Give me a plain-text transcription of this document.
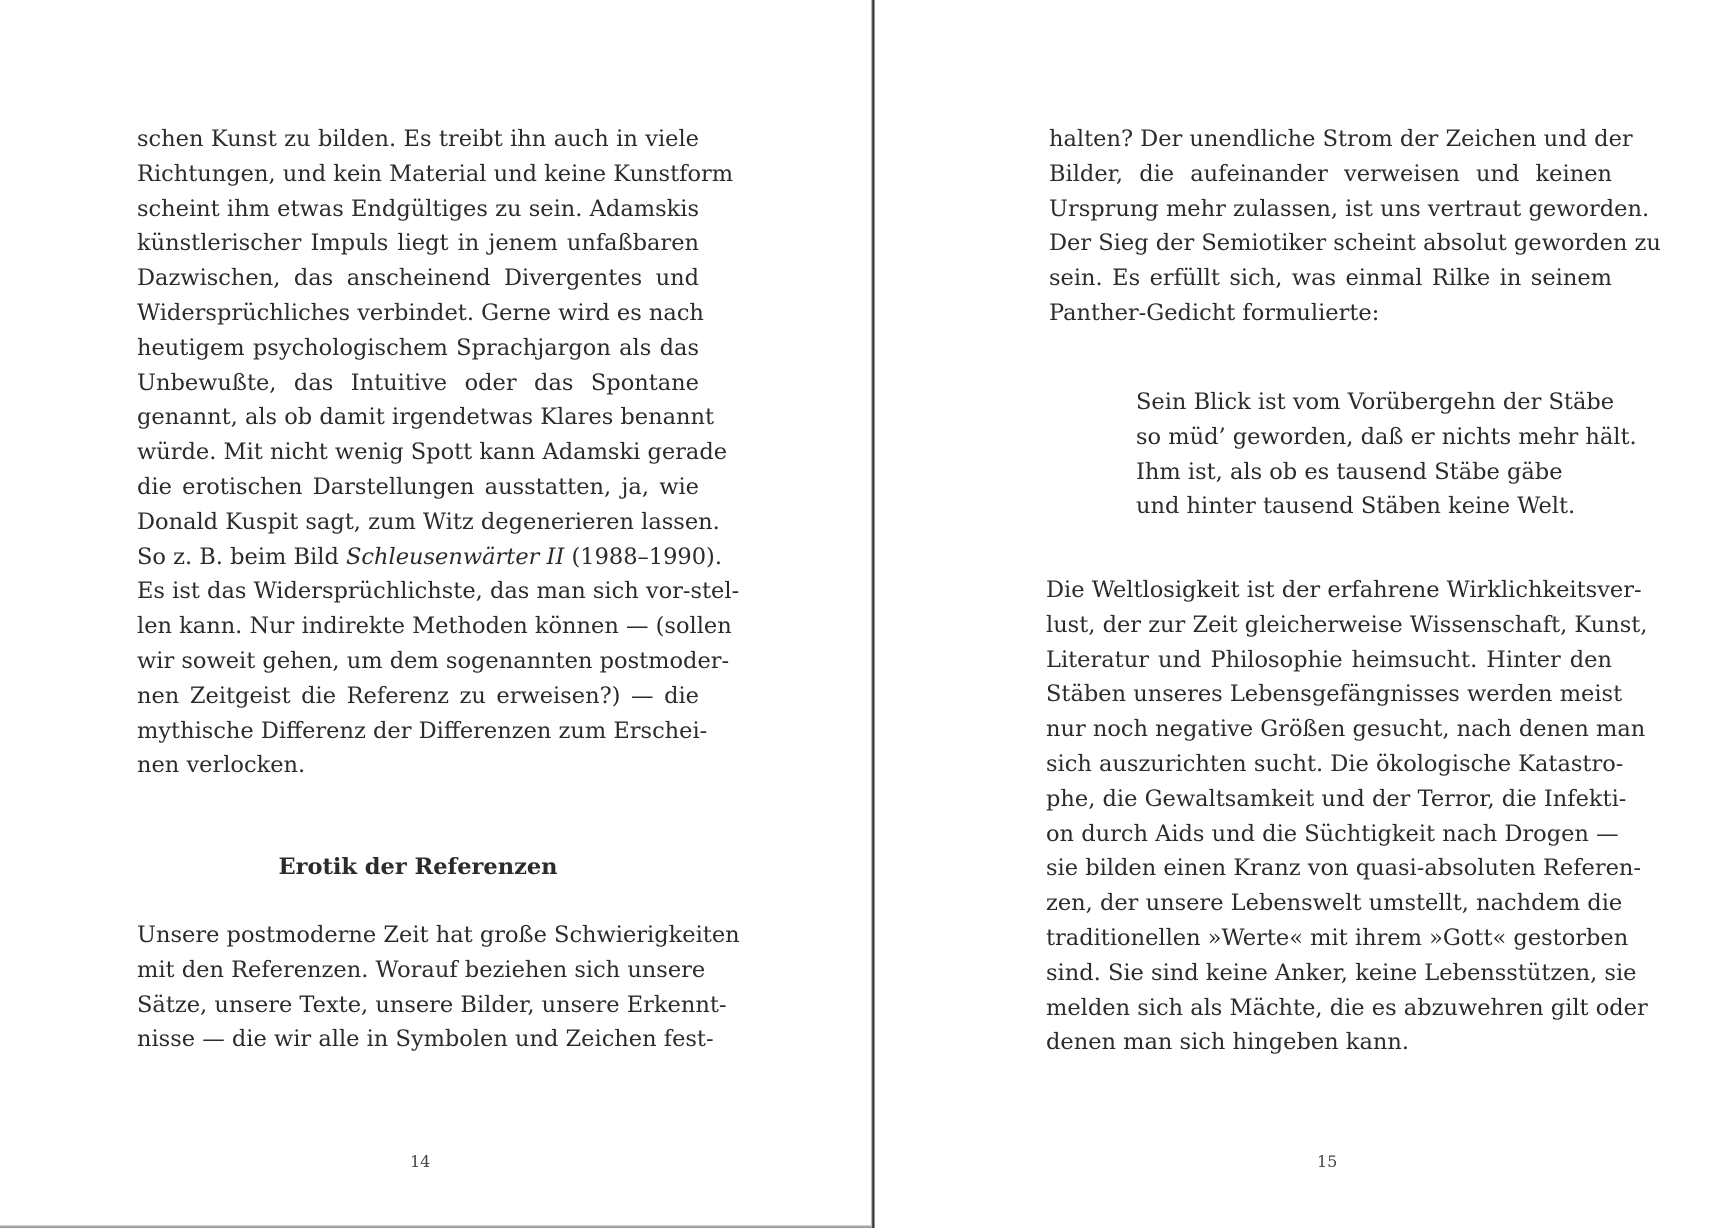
schen Kunst zu bilden. Es treibt ihn auch in viele
Richtungen, und kein Material und keine Kunstform
scheint ihm etwas Endgültiges zu sein. Adamskis
künstlerischer Impuls liegt in jenem unfaßbaren
Dazwischen, das anscheinend Divergentes und
Widersprüchliches verbindet. Gerne wird es nach
heutigem psychologischem Sprachjargon als das
Unbewußte, das Intuitive oder das Spontane
genannt, als ob damit irgendetwas Klares benannt
würde. Mit nicht wenig Spott kann Adamski gerade
die erotischen Darstellungen ausstatten, ja, wie
Donald Kuspit sagt, zum Witz degenerieren lassen.
So z. B. beim Bild Schleusenwärter II (1988–1990).
Es ist das Widersprüchlichste, das man sich vor-stel-
len kann. Nur indirekte Methoden können — (sollen
wir soweit gehen, um dem sogenannten postmoder-
nen Zeitgeist die Referenz zu erweisen?) — die
mythische Differenz der Differenzen zum Erschei-
nen verlocken.
Erotik der Referenzen
Unsere postmoderne Zeit hat große Schwierigkeiten
mit den Referenzen. Worauf beziehen sich unsere
Sätze, unsere Texte, unsere Bilder, unsere Erkennt-
nisse — die wir alle in Symbolen und Zeichen fest-
14
halten? Der unendliche Strom der Zeichen und der
Bilder, die aufeinander verweisen und keinen
Ursprung mehr zulassen, ist uns vertraut geworden.
Der Sieg der Semiotiker scheint absolut geworden zu
sein. Es erfüllt sich, was einmal Rilke in seinem
Panther-Gedicht formulierte:
Sein Blick ist vom Vorübergehn der Stäbe
so müd’ geworden, daß er nichts mehr hält.
Ihm ist, als ob es tausend Stäbe gäbe
und hinter tausend Stäben keine Welt.
Die Weltlosigkeit ist der erfahrene Wirklichkeitsver-
lust, der zur Zeit gleicherweise Wissenschaft, Kunst,
Literatur und Philosophie heimsucht. Hinter den
Stäben unseres Lebensgefängnisses werden meist
nur noch negative Größen gesucht, nach denen man
sich auszurichten sucht. Die ökologische Katastro-
phe, die Gewaltsamkeit und der Terror, die Infekti-
on durch Aids und die Süchtigkeit nach Drogen —
sie bilden einen Kranz von quasi-absoluten Referen-
zen, der unsere Lebenswelt umstellt, nachdem die
traditionellen »Werte« mit ihrem »Gott« gestorben
sind. Sie sind keine Anker, keine Lebensstützen, sie
melden sich als Mächte, die es abzuwehren gilt oder
denen man sich hingeben kann.
15
